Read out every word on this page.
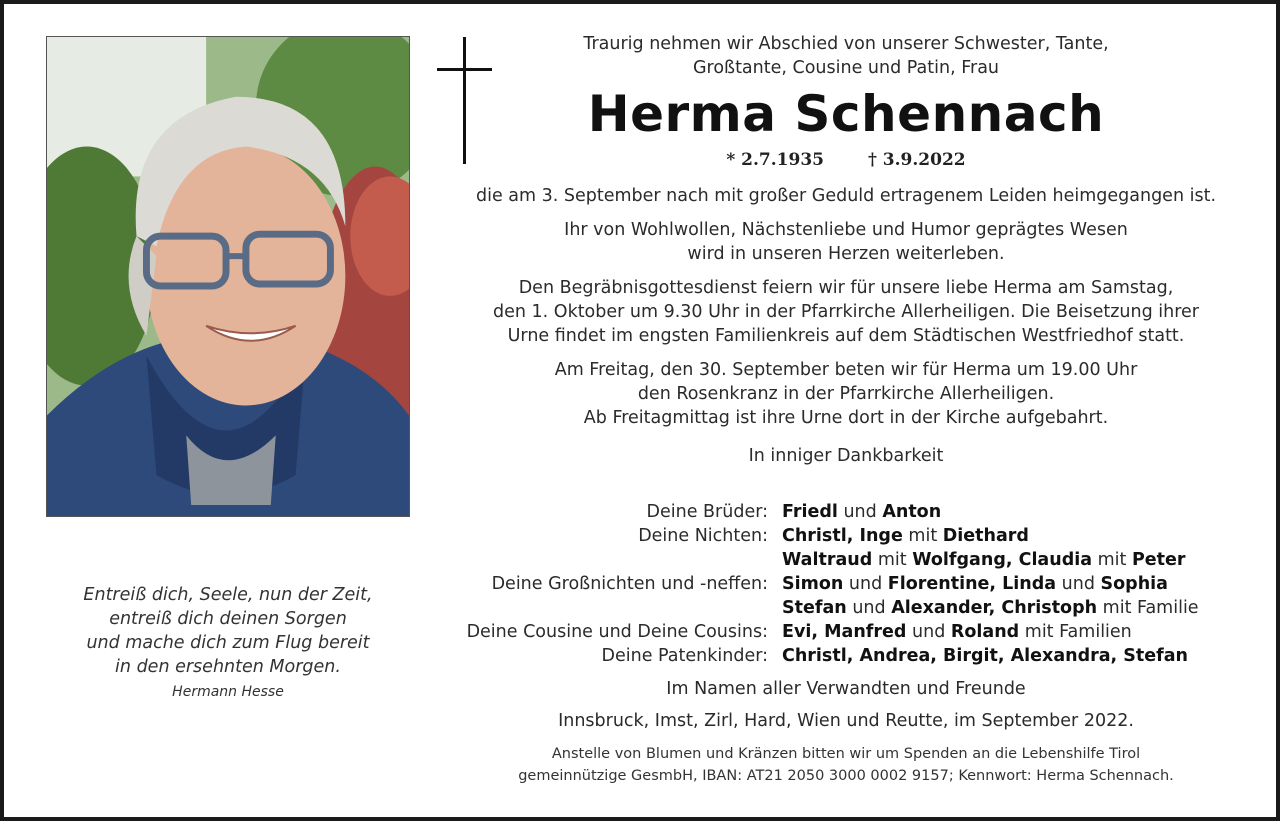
Entreiß dich, Seele, nun der Zeit,
entreiß dich deinen Sorgen
und mache dich zum Flug bereit
in den ersehnten Morgen.
Hermann Hesse
Traurig nehmen wir Abschied von unserer Schwester, Tante,
Großtante, Cousine und Patin, Frau
Herma Schennach
* 2.7.1935	† 3.9.2022
die am 3. September nach mit großer Geduld ertragenem Leiden heimgegangen ist.
Ihr von Wohlwollen, Nächstenliebe und Humor geprägtes Wesen
wird in unseren Herzen weiterleben.
Den Begräbnisgottesdienst feiern wir für unsere liebe Herma am Samstag,
den 1. Oktober um 9.30 Uhr in der Pfarrkirche Allerheiligen. Die Beisetzung ihrer
Urne findet im engsten Familienkreis auf dem Städtischen Westfriedhof statt.
Am Freitag, den 30. September beten wir für Herma um 19.00 Uhr
den Rosenkranz in der Pfarrkirche Allerheiligen.
Ab Freitagmittag ist ihre Urne dort in der Kirche aufgebahrt.
In inniger Dankbarkeit
Deine Brüder: Friedl und Anton
Deine Nichten: Christl, Inge mit Diethard
Waltraud mit Wolfgang, Claudia mit Peter
Deine Großnichten und -neffen: Simon und Florentine, Linda und Sophia
Stefan und Alexander, Christoph mit Familie
Deine Cousine und Deine Cousins: Evi, Manfred und Roland mit Familien
Deine Patenkinder: Christl, Andrea, Birgit, Alexandra, Stefan
Im Namen aller Verwandten und Freunde
Innsbruck, Imst, Zirl, Hard, Wien und Reutte, im September 2022.
Anstelle von Blumen und Kränzen bitten wir um Spenden an die Lebenshilfe Tirol
gemeinnützige GesmbH, IBAN: AT21 2050 3000 0002 9157; Kennwort: Herma Schennach.
